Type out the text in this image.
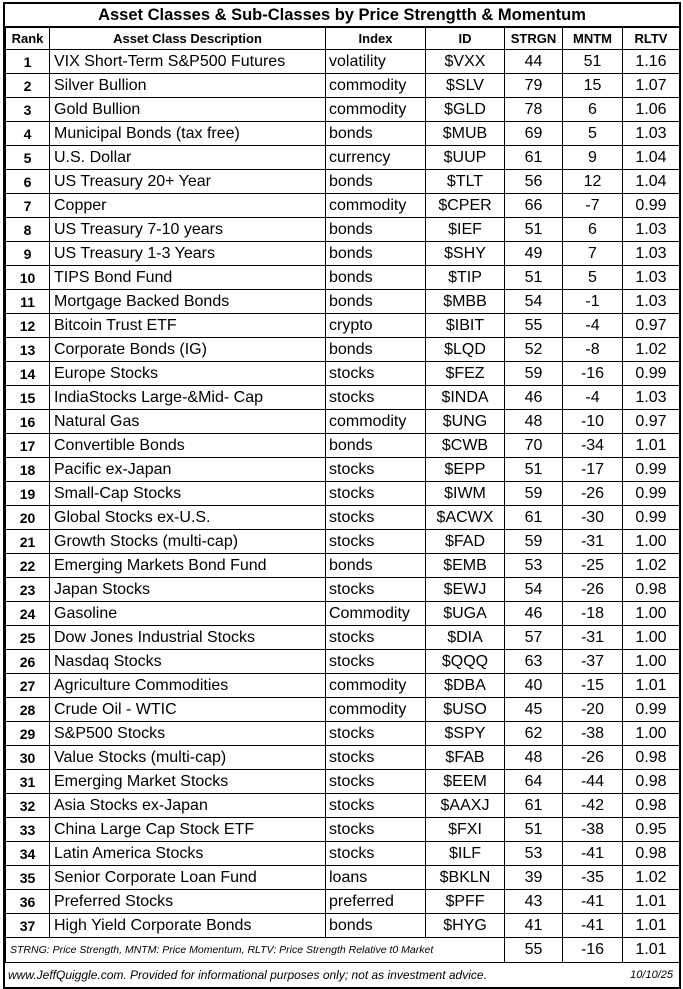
Asset Classes & Sub-Classes by Price Strengtth & Momentum
Rank	Asset Class Description	Index	ID	STRGN	MNTM	RLTV
1	VIX Short-Term S&P500 Futures	volatility	$VXX	44	51	1.16
2	Silver Bullion	commodity	$SLV	79	15	1.07
3	Gold Bullion	commodity	$GLD	78	6	1.06
4	Municipal Bonds (tax free)	bonds	$MUB	69	5	1.03
5	U.S. Dollar	currency	$UUP	61	9	1.04
6	US Treasury 20+ Year	bonds	$TLT	56	12	1.04
7	Copper	commodity	$CPER	66	-7	0.99
8	US Treasury 7-10 years	bonds	$IEF	51	6	1.03
9	US Treasury 1-3 Years	bonds	$SHY	49	7	1.03
10	TIPS Bond Fund	bonds	$TIP	51	5	1.03
11	Mortgage Backed Bonds	bonds	$MBB	54	-1	1.03
12	Bitcoin Trust ETF	crypto	$IBIT	55	-4	0.97
13	Corporate Bonds (IG)	bonds	$LQD	52	-8	1.02
14	Europe Stocks	stocks	$FEZ	59	-16	0.99
15	IndiaStocks Large-&Mid- Cap	stocks	$INDA	46	-4	1.03
16	Natural Gas	commodity	$UNG	48	-10	0.97
17	Convertible Bonds	bonds	$CWB	70	-34	1.01
18	Pacific ex-Japan	stocks	$EPP	51	-17	0.99
19	Small-Cap Stocks	stocks	$IWM	59	-26	0.99
20	Global Stocks ex-U.S.	stocks	$ACWX	61	-30	0.99
21	Growth Stocks (multi-cap)	stocks	$FAD	59	-31	1.00
22	Emerging Markets Bond Fund	bonds	$EMB	53	-25	1.02
23	Japan Stocks	stocks	$EWJ	54	-26	0.98
24	Gasoline	Commodity	$UGA	46	-18	1.00
25	Dow Jones Industrial Stocks	stocks	$DIA	57	-31	1.00
26	Nasdaq Stocks	stocks	$QQQ	63	-37	1.00
27	Agriculture Commodities	commodity	$DBA	40	-15	1.01
28	Crude Oil - WTIC	commodity	$USO	45	-20	0.99
29	S&P500 Stocks	stocks	$SPY	62	-38	1.00
30	Value Stocks (multi-cap)	stocks	$FAB	48	-26	0.98
31	Emerging Market Stocks	stocks	$EEM	64	-44	0.98
32	Asia Stocks ex-Japan	stocks	$AAXJ	61	-42	0.98
33	China Large Cap Stock ETF	stocks	$FXI	51	-38	0.95
34	Latin America Stocks	stocks	$ILF	53	-41	0.98
35	Senior Corporate Loan Fund	loans	$BKLN	39	-35	1.02
36	Preferred Stocks	preferred	$PFF	43	-41	1.01
37	High Yield Corporate Bonds	bonds	$HYG	41	-41	1.01
STRNG: Price Strength, MNTM: Price Momentum, RLTV: Price Strength Relative t0 Market				55	-16	1.01
www.JeffQuiggle.com. Provided for informational purposes only; not as investment advice.	10/10/25
